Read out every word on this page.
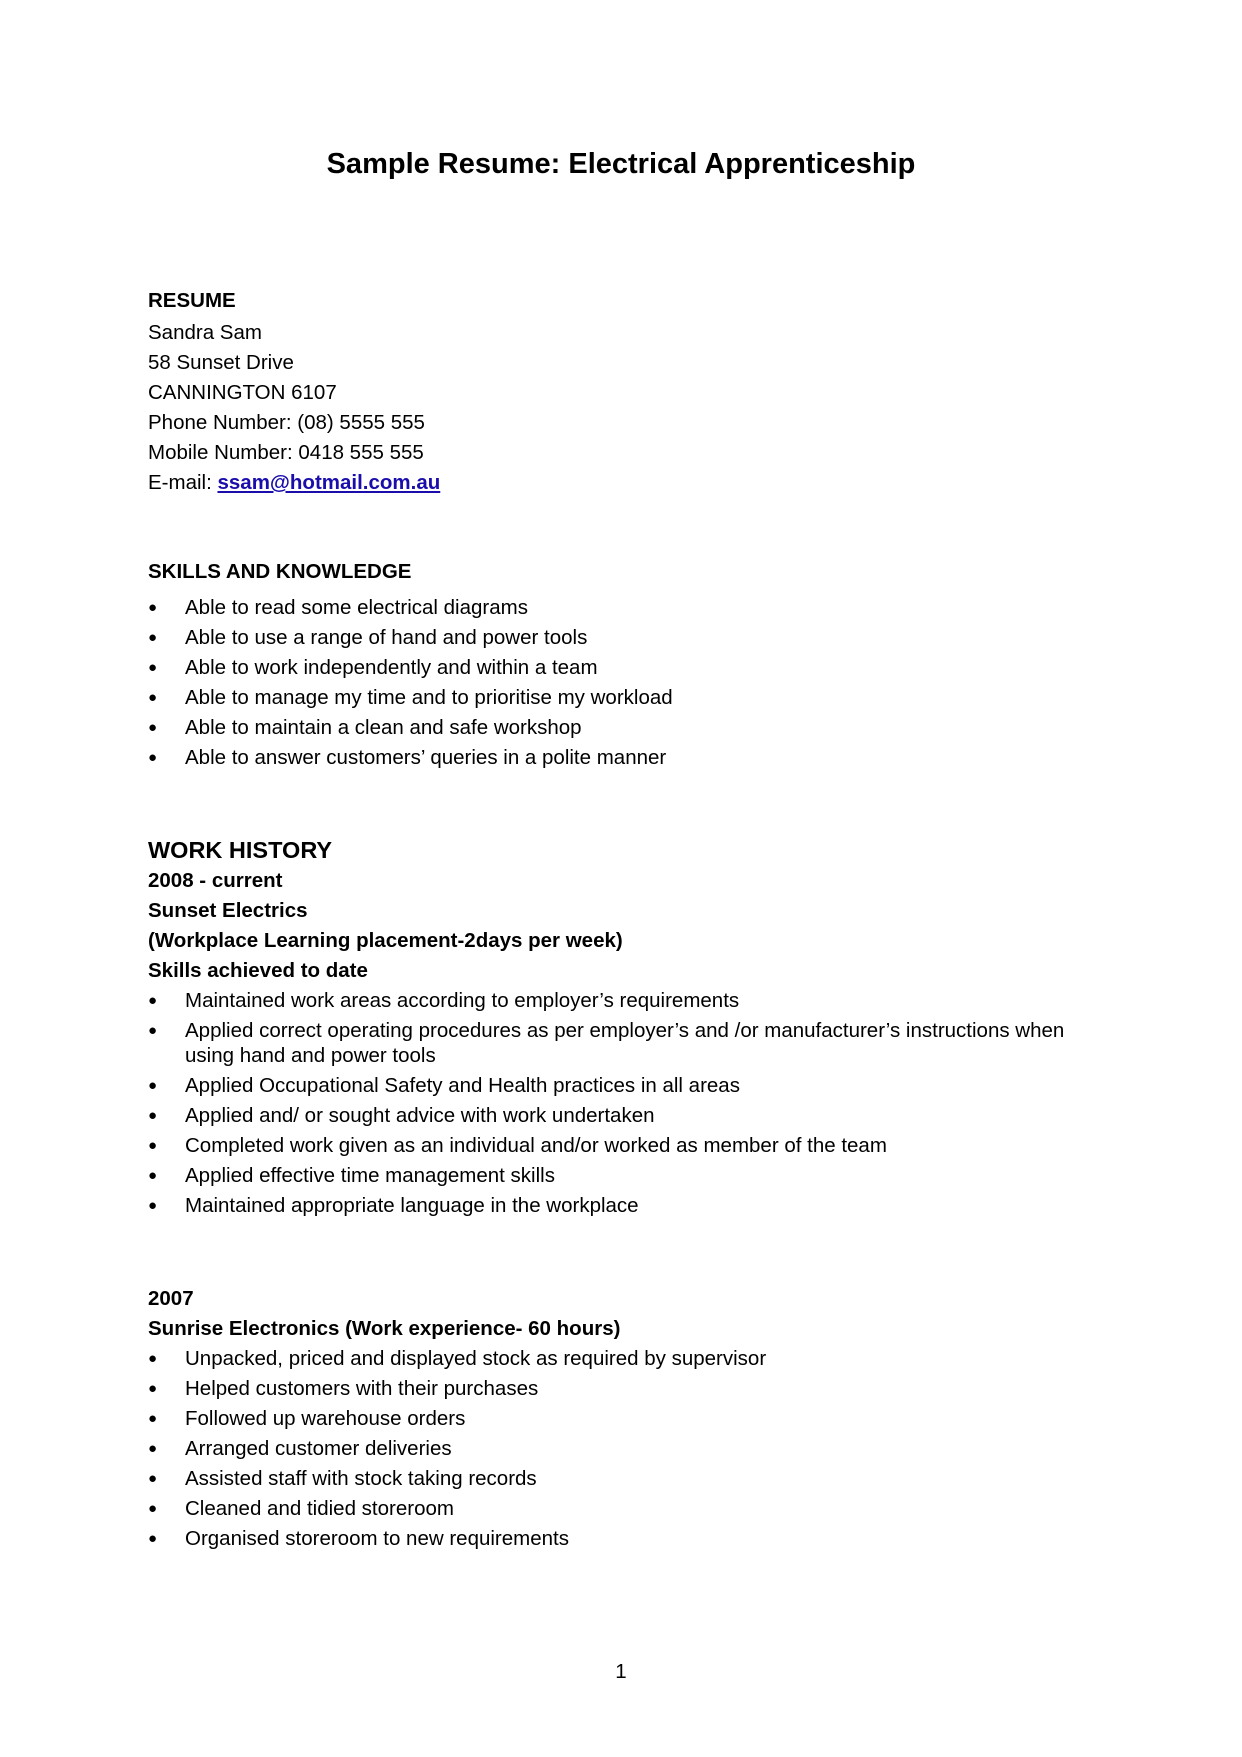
Sample Resume: Electrical Apprenticeship

RESUME

Sandra Sam

58 Sunset Drive

CANNINGTON 6107

Phone Number: (08) 5555 555

Mobile Number: 0418 555 555

E-mail: ssam@hotmail.com.au

SKILLS AND KNOWLEDGE

● Able to read some electrical diagrams
● Able to use a range of hand and power tools
● Able to work independently and within a team
● Able to manage my time and to prioritise my workload
● Able to maintain a clean and safe workshop
● Able to answer customers’ queries in a polite manner

WORK HISTORY

2008 - current

Sunset Electrics

(Workplace Learning placement-2days per week)

Skills achieved to date

● Maintained work areas according to employer’s requirements
● Applied correct operating procedures as per employer’s and /or manufacturer’s instructions when using hand and power tools
● Applied Occupational Safety and Health practices in all areas
● Applied and/ or sought advice with work undertaken
● Completed work given as an individual and/or worked as member of the team
● Applied effective time management skills
● Maintained appropriate language in the workplace

2007

Sunrise Electronics (Work experience- 60 hours)

● Unpacked, priced and displayed stock as required by supervisor
● Helped customers with their purchases
● Followed up warehouse orders
● Arranged customer deliveries
● Assisted staff with stock taking records
● Cleaned and tidied storeroom
● Organised storeroom to new requirements
1
